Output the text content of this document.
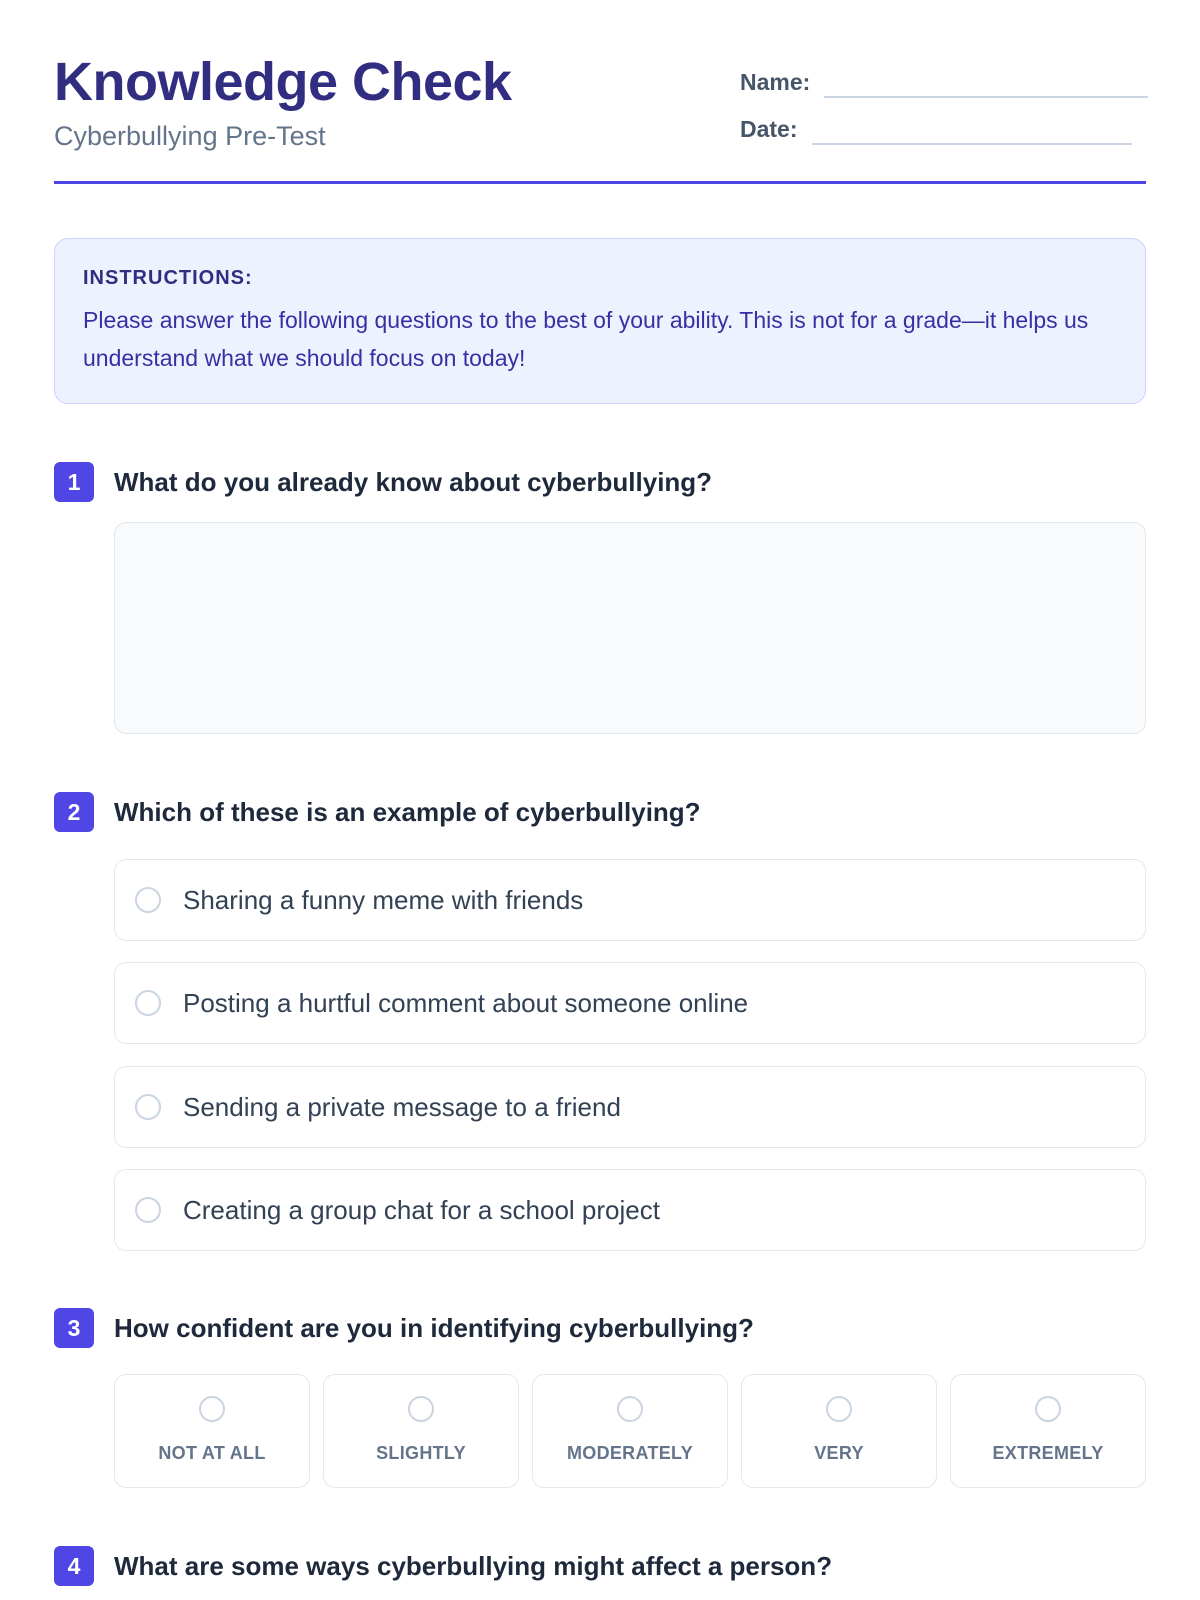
Knowledge Check
Cyberbullying Pre-Test
Name:
Date:
INSTRUCTIONS:
Please answer the following questions to the best of your ability. This is not for a grade—it helps us understand what we should focus on today!
1	What do you already know about cyberbullying?
2	Which of these is an example of cyberbullying?
Sharing a funny meme with friends
Posting a hurtful comment about someone online
Sending a private message to a friend
Creating a group chat for a school project
3	How confident are you in identifying cyberbullying?
NOT AT ALL	SLIGHTLY	MODERATELY	VERY	EXTREMELY
4	What are some ways cyberbullying might affect a person?
